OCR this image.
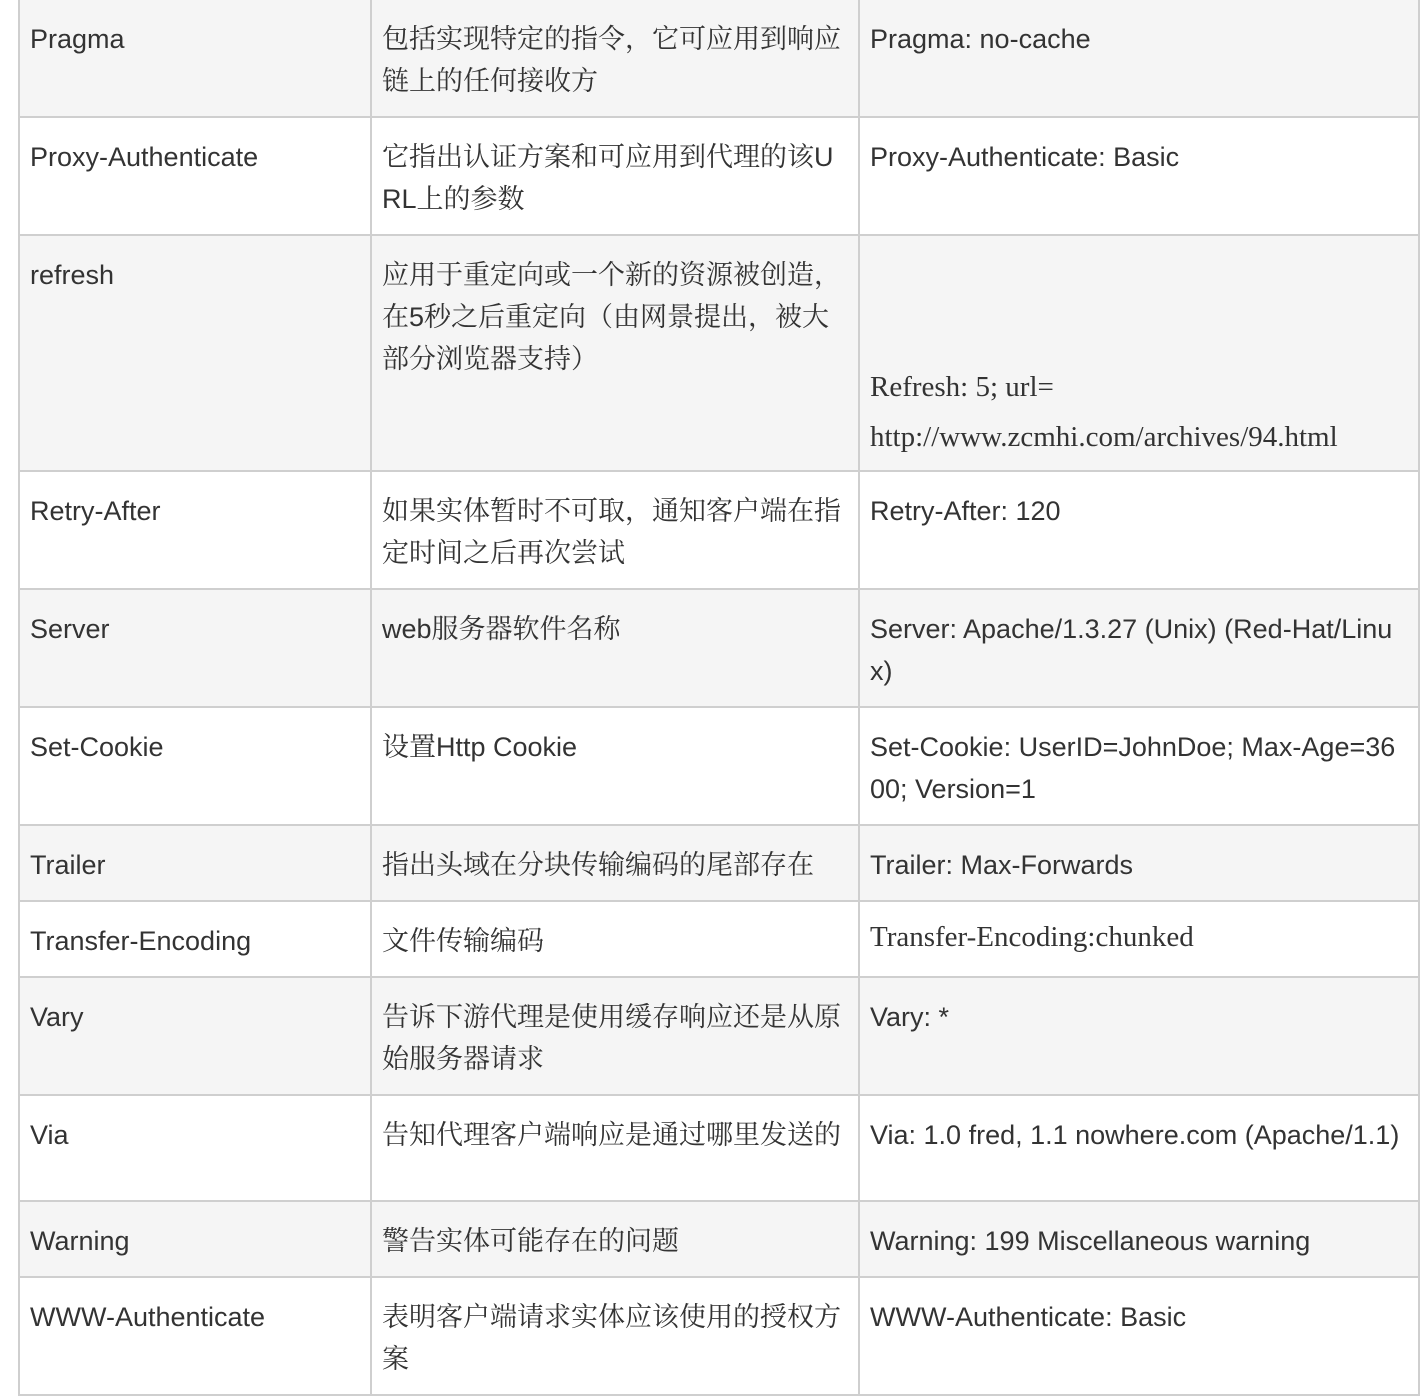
Pragma	包括实现特定的指令，它可应用到响应链上的任何接收方	Pragma: no-cache
Proxy-Authenticate	它指出认证方案和可应用到代理的该URL上的参数	Proxy-Authenticate: Basic
refresh	应用于重定向或一个新的资源被创造，在5秒之后重定向（由网景提出，被大部分浏览器支持）	Refresh: 5; url=
http://www.zcmhi.com/archives/94.html

Retry-After	如果实体暂时不可取，通知客户端在指定时间之后再次尝试	Retry-After: 120
Server	web服务器软件名称	Server: Apache/1.3.27 (Unix) (Red-Hat/Linux)
Set-Cookie	设置Http Cookie	Set-Cookie: UserID=JohnDoe; Max-Age=3600; Version=1
Trailer	指出头域在分块传输编码的尾部存在	Trailer: Max-Forwards
Transfer-Encoding	文件传输编码	Transfer-Encoding:chunked

Vary	告诉下游代理是使用缓存响应还是从原始服务器请求	Vary: *
Via	告知代理客户端响应是通过哪里发送的	Via: 1.0 fred, 1.1 nowhere.com (Apache/1.1)
Warning	警告实体可能存在的问题	Warning: 199 Miscellaneous warning
WWW-Authenticate	表明客户端请求实体应该使用的授权方案	WWW-Authenticate: Basic
